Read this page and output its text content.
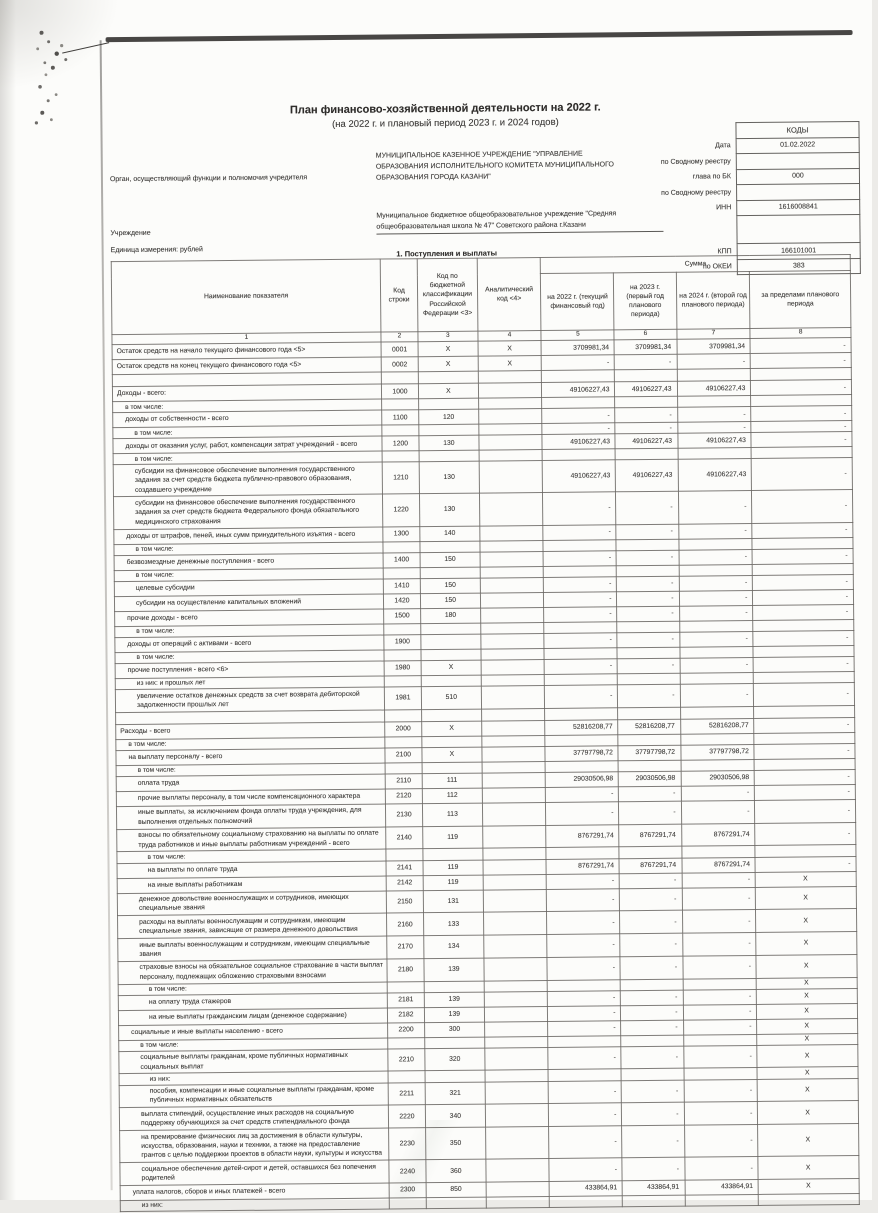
План финансово-хозяйственной деятельности на 2022 г.
(на 2022 г. и плановый период 2023 г. и 2024 годов)
		КОДЫ
Дата	01.02.2022
по Сводному реестру	
глава по БК	000
по Сводному реестру	
ИНН	1616008841

КПП	166101001
по ОКЕИ	383
Орган, осуществляющий функции и полномочия учредителя
МУНИЦИПАЛЬНОЕ КАЗЕННОЕ УЧРЕЖДЕНИЕ "УПРАВЛЕНИЕ ОБРАЗОВАНИЯ ИСПОЛНИТЕЛЬНОГО КОМИТЕТА МУНИЦИПАЛЬНОГО ОБРАЗОВАНИЯ ГОРОДА КАЗАНИ"
Учреждение
Муниципальное бюджетное общеобразовательное учреждение "Средняя общеобразовательная школа № 47" Советского района г.Казани
Единица измерения: рублей	1. Поступления и выплаты
Наименование показателя	Код строки	Код по бюджетной классификации Российской Федерации <3>	Аналитический код <4>	Сумма			
				на 2022 г. (текущий финансовый год)	на 2023 г. (первый год планового периода)	на 2024 г. (второй год планового периода)	за пределами планового периода
1	2	3	4	5	6	7	8
Остаток средств на начало текущего финансового года <5>	0001	X	X	3709981,34	3709981,34	3709981,34	-
Остаток средств на конец текущего финансового года <5>	0002	X	X	-	-	-	-

Доходы - всего:	1000	X		49106227,43	49106227,43	49106227,43	-
в том числе:							
доходы от собственности - всего	1100	120		-	-	-	-
в том числе:				-	-	-	-
доходы от оказания услуг, работ, компенсации затрат учреждений - всего	1200	130		49106227,43	49106227,43	49106227,43	-
в том числе:							
субсидии на финансовое обеспечение выполнения государственного задания за счет средств бюджета публично-правового образования, создавшего учреждение	1210	130		49106227,43	49106227,43	49106227,43	-
субсидии на финансовое обеспечение выполнения государственного задания за счет средств бюджета Федерального фонда обязательного медицинского страхования	1220	130		-	-	-	-
доходы от штрафов, пеней, иных сумм принудительного изъятия - всего	1300	140		-	-	-	-
в том числе:							
безвозмездные денежные поступления - всего	1400	150		-	-	-	-
в том числе:							
целевые субсидии	1410	150		-	-	-	-
субсидии на осуществление капитальных вложений	1420	150		-	-	-	-
прочие доходы - всего	1500	180		-	-	-	-
в том числе:							
доходы от операций с активами - всего	1900			-	-	-	-
в том числе:							
прочие поступления - всего <6>	1980	X		-	-	-	-
из них: и прошлых лет							
увеличение остатков денежных средств за счет возврата дебиторской задолженности прошлых лет	1981	510		-	-	-	-

Расходы - всего	2000	X		52816208,77	52816208,77	52816208,77	-
в том числе:							
на выплату персоналу - всего	2100	X		37797798,72	37797798,72	37797798,72	-
в том числе:							
оплата труда	2110	111		29030506,98	29030506,98	29030506,98	-
прочие выплаты персоналу, в том числе компенсационного характера	2120	112		-	-	-	-
иные выплаты, за исключением фонда оплаты труда учреждения, для выполнения отдельных полномочий	2130	113		-	-	-	-
взносы по обязательному социальному страхованию на выплаты по оплате труда работников и иные выплаты работникам учреждений - всего	2140	119		8767291,74	8767291,74	8767291,74	-
в том числе:							
на выплаты по оплате труда	2141	119		8767291,74	8767291,74	8767291,74	-
на иные выплаты работникам	2142	119		-	-	-	X
денежное довольствие военнослужащих и сотрудников, имеющих специальные звания	2150	131		-	-	-	X
расходы на выплаты военнослужащим и сотрудникам, имеющим специальные звания, зависящие от размера денежного довольствия	2160	133		-	-	-	X
иные выплаты военнослужащим и сотрудникам, имеющим специальные звания	2170	134		-	-	-	X
страховые взносы на обязательное социальное страхование в части выплат персоналу, подлежащих обложению страховыми взносами	2180	139		-	-	-	X
в том числе:							X
на оплату труда стажеров	2181	139		-	-	-	X
на иные выплаты гражданским лицам (денежное содержание)	2182	139		-	-	-	X
социальные и иные выплаты населению - всего	2200	300		-	-	-	X
в том числе:							X
социальные выплаты гражданам, кроме публичных нормативных социальных выплат	2210	320		-	-	-	X
из них:							X
пособия, компенсации и иные социальные выплаты гражданам, кроме публичных нормативных обязательств	2211	321		-	-	-	X
выплата стипендий, осуществление иных расходов на социальную поддержку обучающихся за счет средств стипендиального фонда	2220	340		-	-	-	X
на премирование физических лиц за достижения в области культуры, искусства, образования, науки и техники, а также на предоставление грантов с целью поддержки проектов в области науки, культуры и искусства	2230	350		-	-	-	X
социальное обеспечение детей-сирот и детей, оставшихся без попечения родителей	2240	360		-	-	-	X
уплата налогов, сборов и иных платежей - всего	2300	850		433864,91	433864,91	433864,91	X
из них:							
